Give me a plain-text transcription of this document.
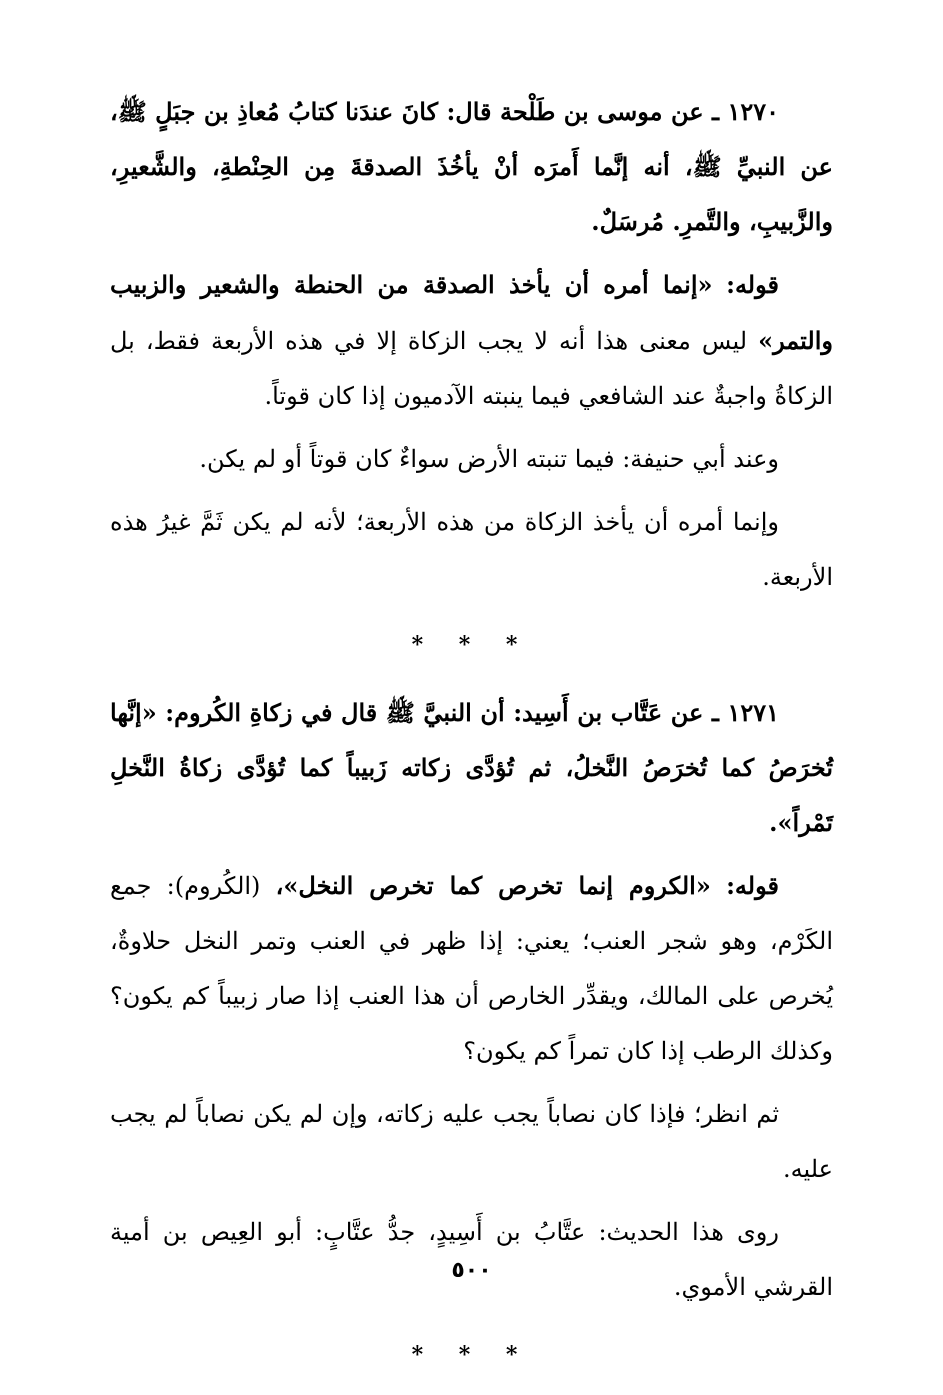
١٢٧٠ ـ عن موسى بن طَلْحة قال: كانَ عندَنا كتابُ مُعاذِ بن جبَلٍ ﷺ، عن النبيِّ ﷺ، أنه إنَّما أَمرَه أنْ يأخُذَ الصدقةَ مِن الحِنْطةِ، والشَّعيرِ، والزَّبيبِ، والتَّمرِ. مُرسَلٌ.

قوله: «إنما أمره أن يأخذ الصدقة من الحنطة والشعير والزبيب والتمر» ليس معنى هذا أنه لا يجب الزكاة إلا في هذه الأربعة فقط، بل الزكاةُ واجبةٌ عند الشافعي فيما ينبته الآدميون إذا كان قوتاً.

وعند أبي حنيفة: فيما تنبته الأرض سواءٌ كان قوتاً أو لم يكن.

وإنما أمره أن يأخذ الزكاة من هذه الأربعة؛ لأنه لم يكن ثَمَّ غيرُ هذه الأربعة.

* * *

١٢٧١ ـ عن عَتَّاب بن أَسِيد: أن النبيَّ ﷺ قال في زكاةِ الكُروم: «إنَّها تُخرَصُ كما تُخرَصُ النَّخلُ، ثم تُؤدَّى زكاته زَبيباً كما تُؤدَّى زكاةُ النَّخلِ تَمْراً».

قوله: «الكروم إنما تخرص كما تخرص النخل»، (الكُروم): جمع الكَرْم، وهو شجر العنب؛ يعني: إذا ظهر في العنب وتمر النخل حلاوةٌ، يُخرص على المالك، ويقدِّر الخارص أن هذا العنب إذا صار زبيباً كم يكون؟ وكذلك الرطب إذا كان تمراً كم يكون؟

ثم انظر؛ فإذا كان نصاباً يجب عليه زكاته، وإن لم يكن نصاباً لم يجب عليه.

روى هذا الحديث: عتَّابُ بن أَسِيدٍ، جدُّ عتَّابٍ: أبو العِيص بن أمية القرشي الأموي.

* * *
٥٠٠
